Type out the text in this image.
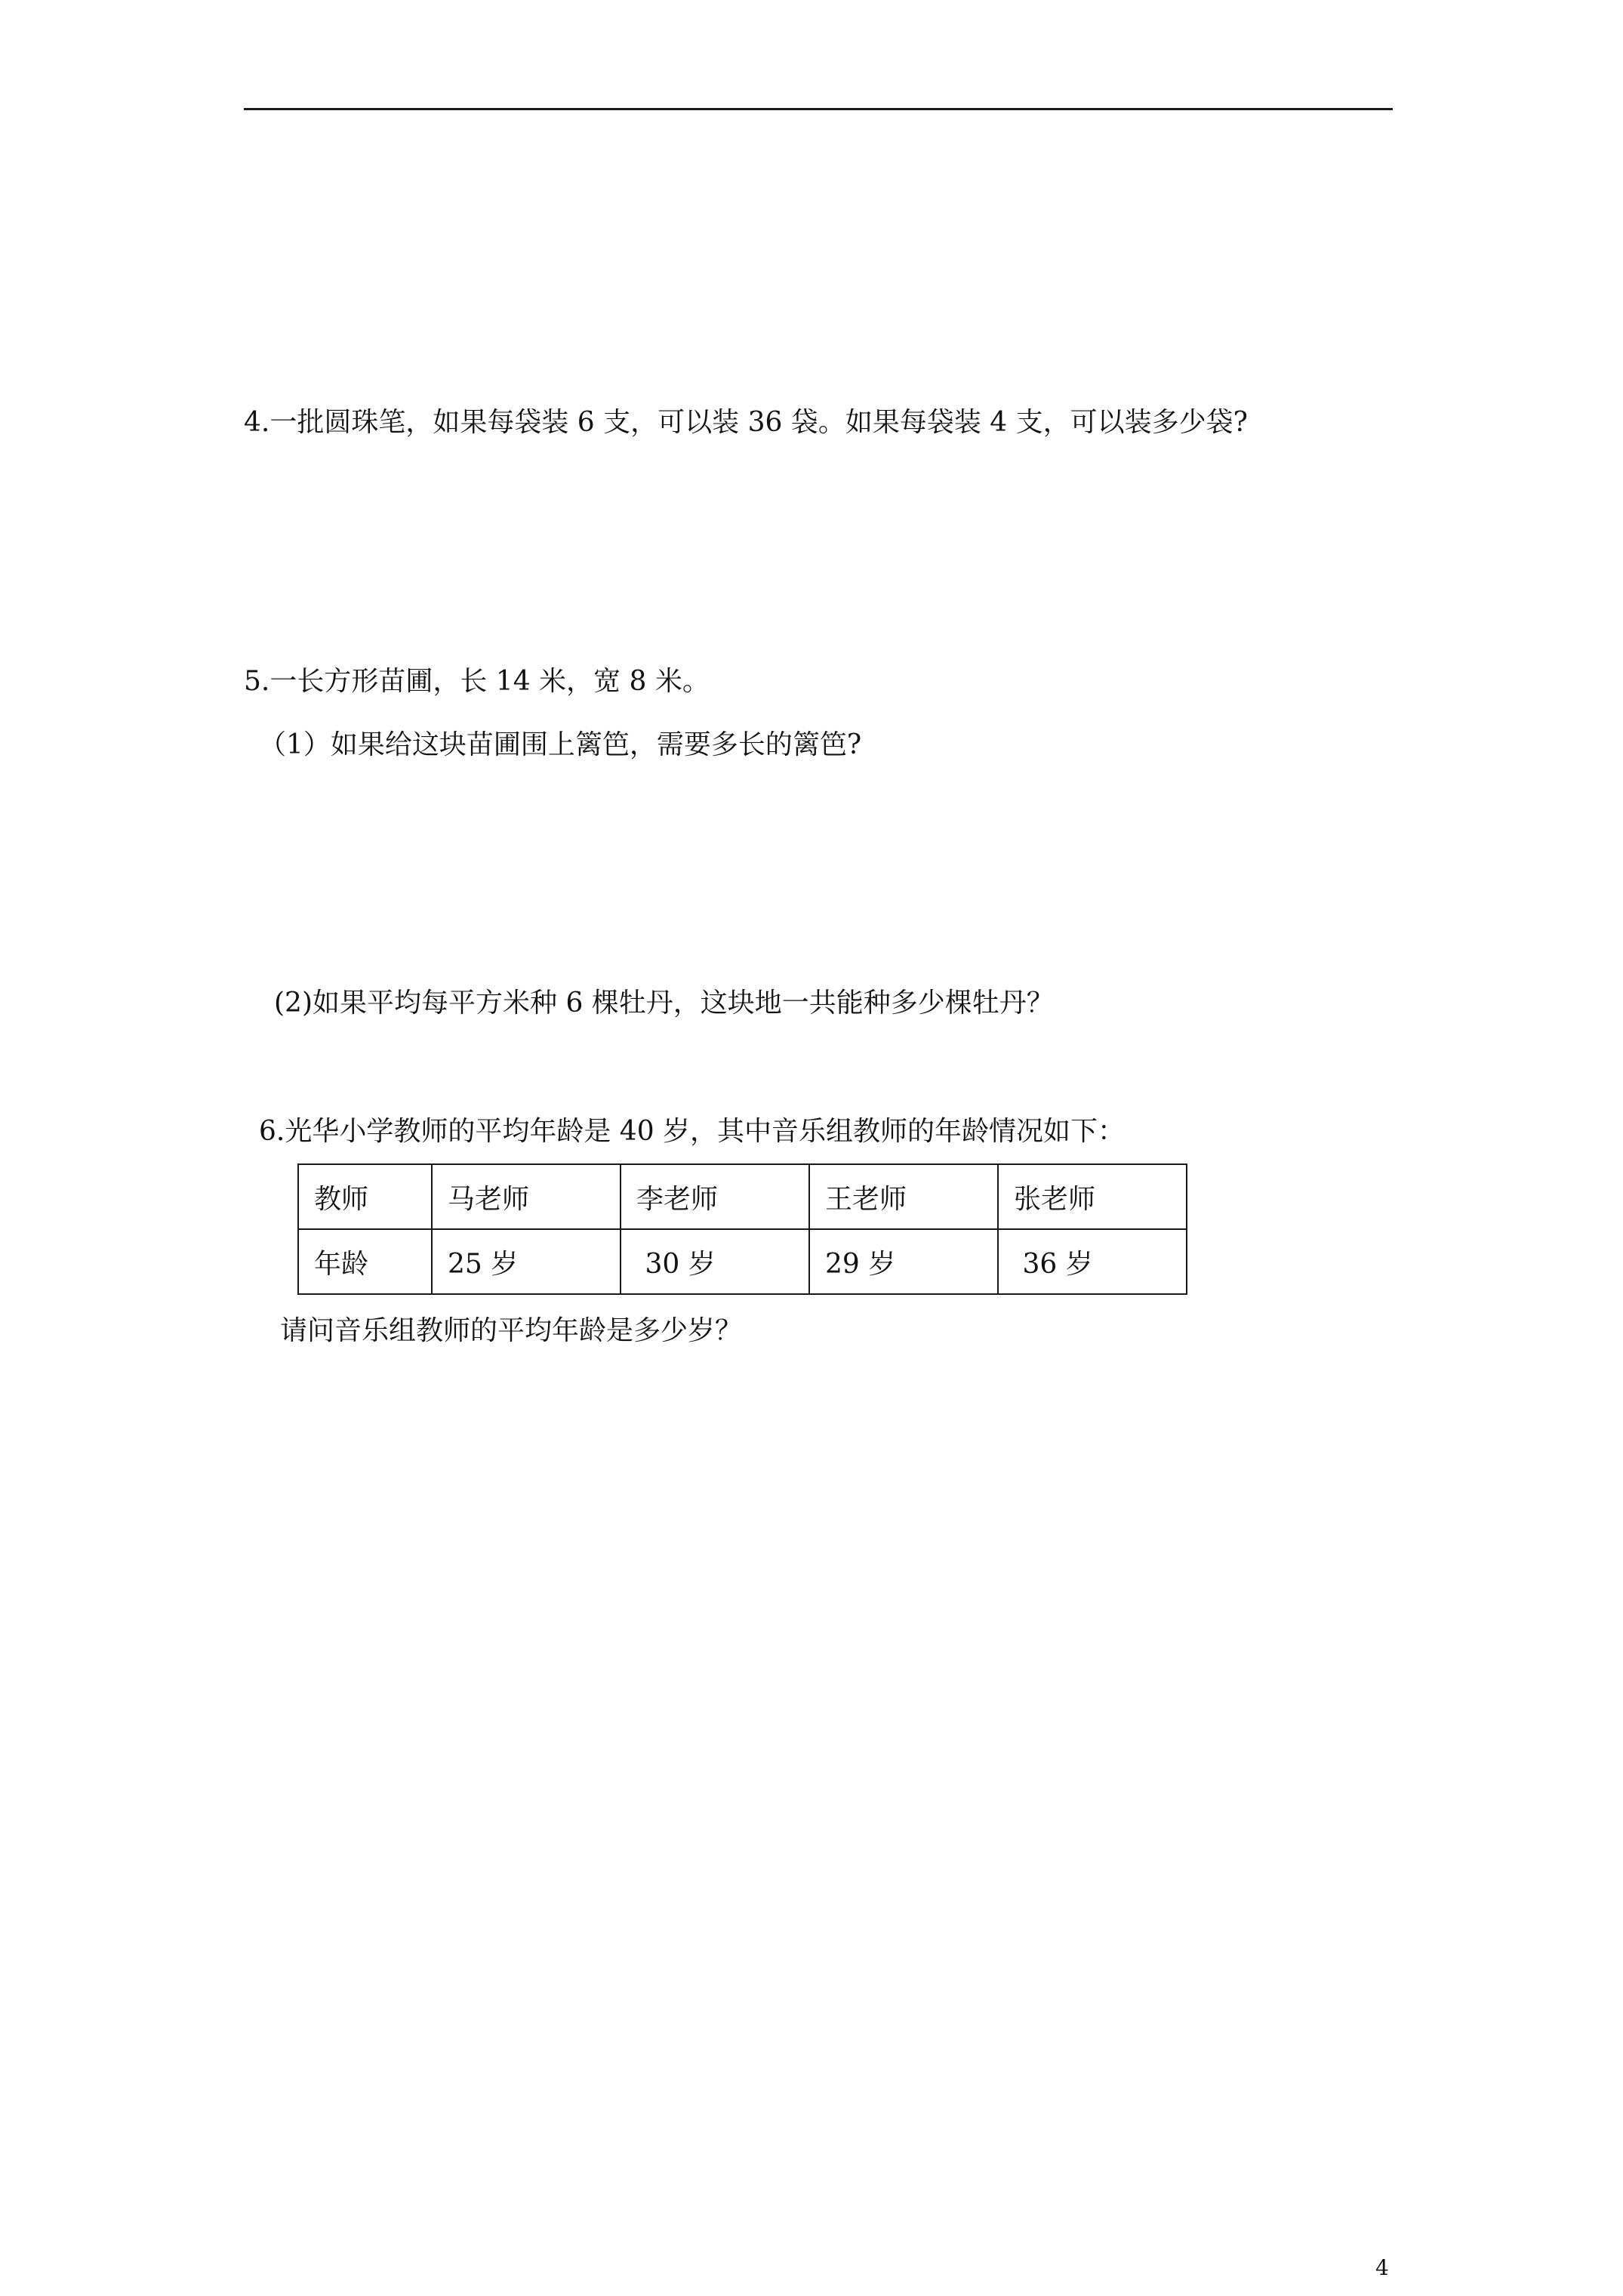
4.一批圆珠笔，如果每袋装 6 支，可以装 36 袋。如果每袋装 4 支，可以装多少袋?
5.一长方形苗圃，长 14 米，宽 8 米。
（1）如果给这块苗圃围上篱笆，需要多长的篱笆?
(2)如果平均每平方米种 6 棵牡丹，这块地一共能种多少棵牡丹？
6.光华小学教师的平均年龄是 40 岁，其中音乐组教师的年龄情况如下：
教师	马老师	李老师	王老师	张老师
年龄	25 岁	30 岁	29 岁	36 岁
请问音乐组教师的平均年龄是多少岁？
4
